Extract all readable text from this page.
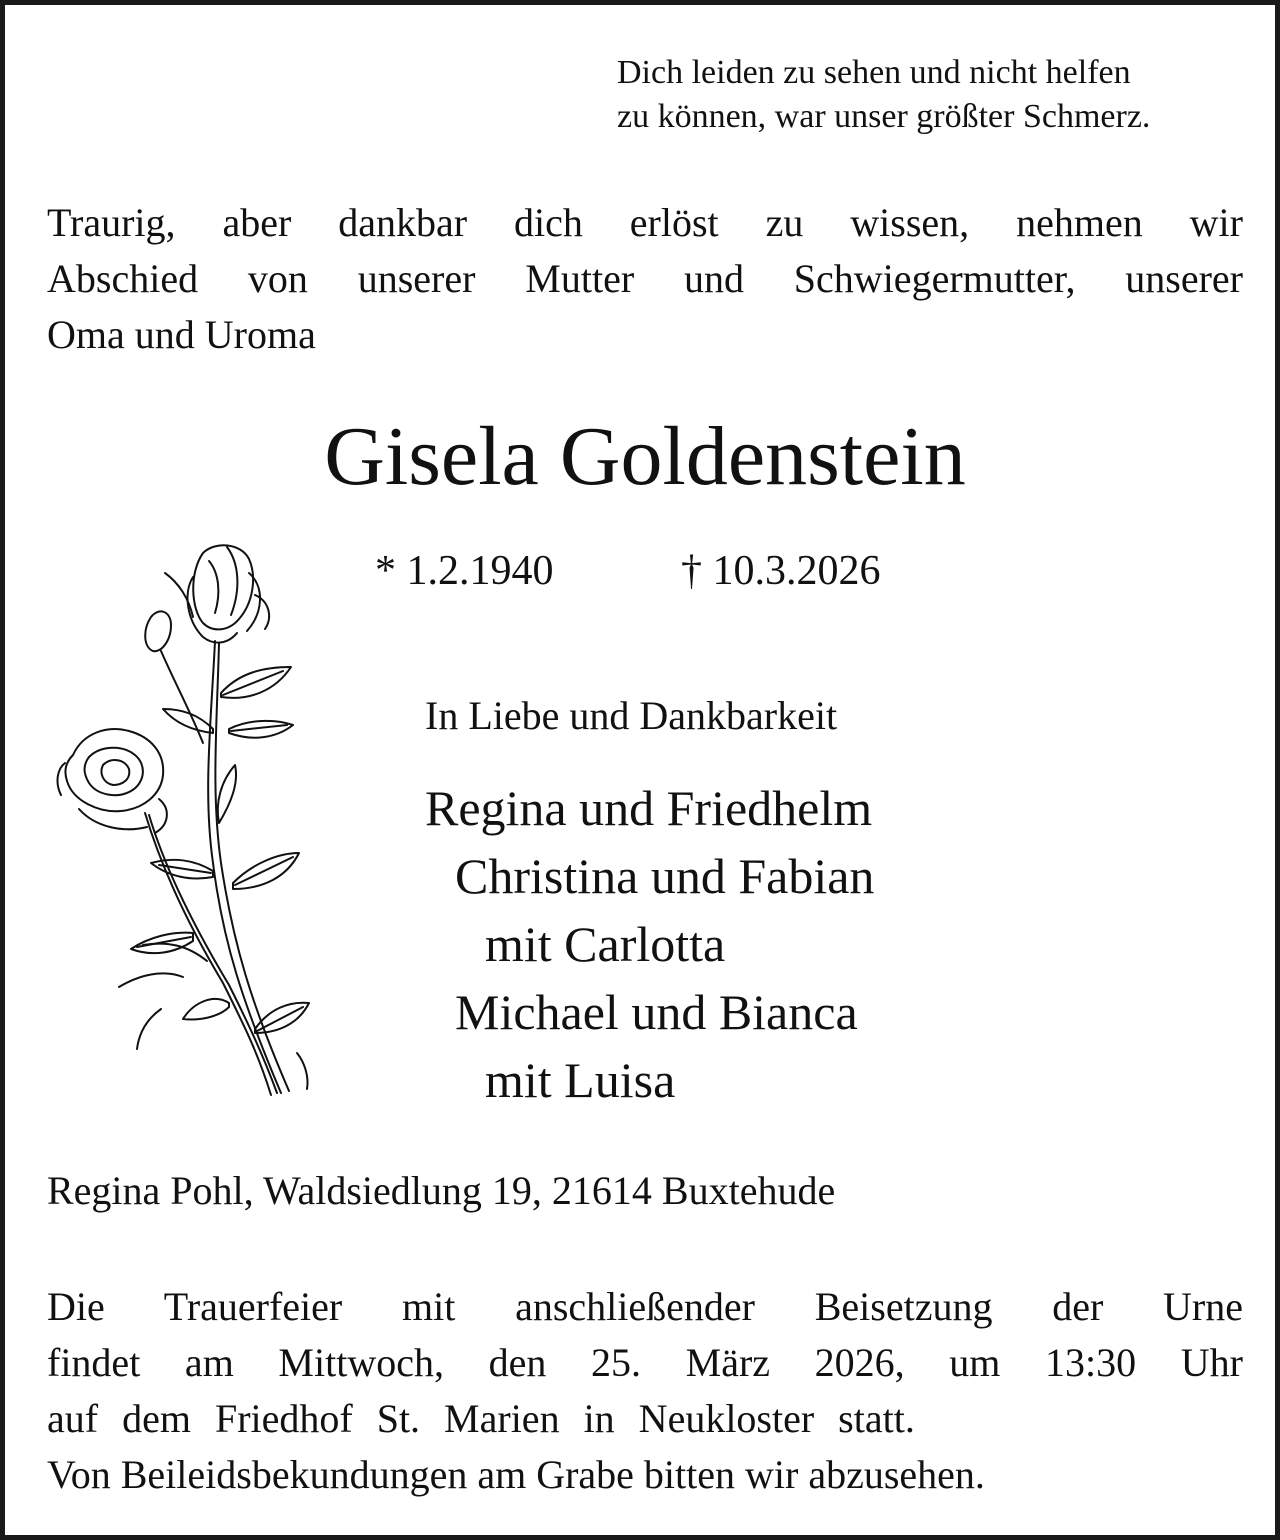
Dich leiden zu sehen und nicht helfen
zu können, war unser größter Schmerz.
Traurig, aber dankbar dich erlöst zu wissen, nehmen wir
Abschied von unserer Mutter und Schwiegermutter, unserer
Oma und Uroma
Gisela Goldenstein
* 1.2.1940	† 10.3.2026
In Liebe und Dankbarkeit
Regina und Friedhelm
Christina und Fabian
mit Carlotta
Michael und Bianca
mit Luisa
Regina Pohl, Waldsiedlung 19, 21614 Buxtehude
Die Trauerfeier mit anschließender Beisetzung der Urne
findet am Mittwoch, den 25. März 2026, um 13:30 Uhr
auf dem Friedhof St. Marien in Neukloster statt.
Von Beileidsbekundungen am Grabe bitten wir abzusehen.
